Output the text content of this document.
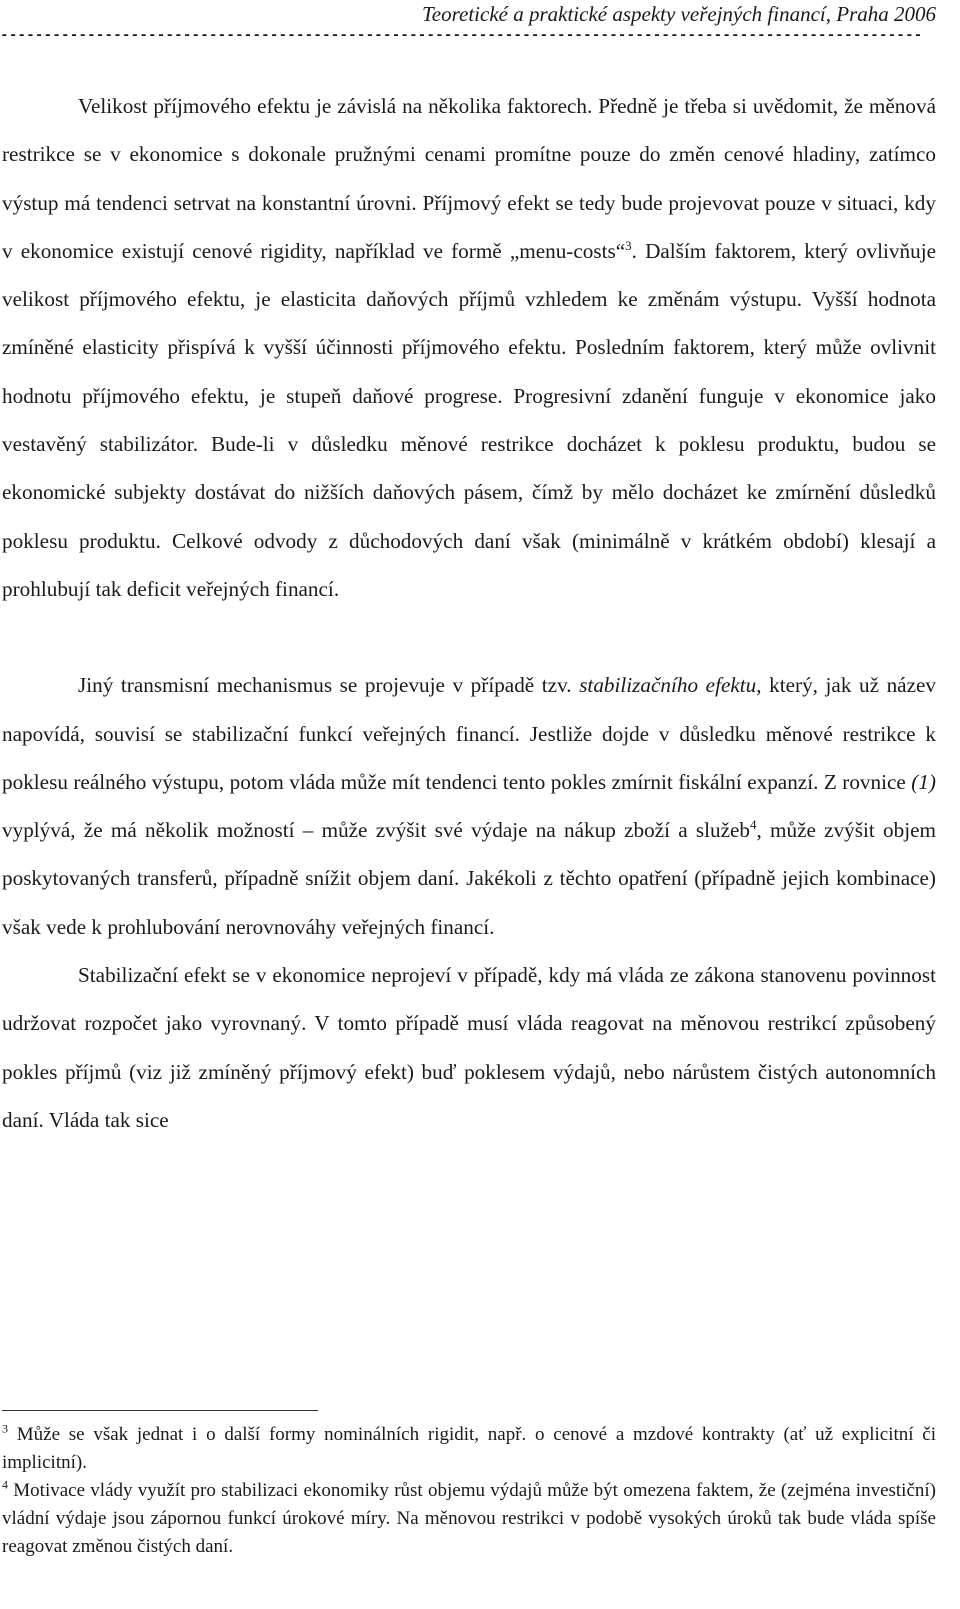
Teoretické a praktické aspekty veřejných financí, Praha 2006
----------------------------------------------------------------------------------------------------------

Velikost příjmového efektu je závislá na několika faktorech. Předně je třeba si uvědomit, že měnová restrikce se v ekonomice s dokonale pružnými cenami promítne pouze do změn cenové hladiny, zatímco výstup má tendenci setrvat na konstantní úrovni. Příjmový efekt se tedy bude projevovat pouze v situaci, kdy v ekonomice existují cenové rigidity, například ve formě „menu-costs“$^3$. Dalším faktorem, který ovlivňuje velikost příjmového efektu, je elasticita daňových příjmů vzhledem ke změnám výstupu. Vyšší hodnota zmíněné elasticity přispívá k vyšší účinnosti příjmového efektu. Posledním faktorem, který může ovlivnit hodnotu příjmového efektu, je stupeň daňové progrese. Progresivní zdanění funguje v ekonomice jako vestavěný stabilizátor. Bude-li v důsledku měnové restrikce docházet k poklesu produktu, budou se ekonomické subjekty dostávat do nižších daňových pásem, čímž by mělo docházet ke zmírnění důsledků poklesu produktu. Celkové odvody z důchodových daní však (minimálně v krátkém období) klesají a prohlubují tak deficit veřejných financí.

Jiný transmisní mechanismus se projevuje v případě tzv. stabilizačního efektu, který, jak už název napovídá, souvisí se stabilizační funkcí veřejných financí. Jestliže dojde v důsledku měnové restrikce k poklesu reálného výstupu, potom vláda může mít tendenci tento pokles zmírnit fiskální expanzí. Z rovnice (1) vyplývá, že má několik možností – může zvýšit své výdaje na nákup zboží a služeb$^4$, může zvýšit objem poskytovaných transferů, případně snížit objem daní. Jakékoli z těchto opatření (případně jejich kombinace) však vede k prohlubování nerovnováhy veřejných financí.

Stabilizační efekt se v ekonomice neprojeví v případě, kdy má vláda ze zákona stanovenu povinnost udržovat rozpočet jako vyrovnaný. V tomto případě musí vláda reagovat na měnovou restrikcí způsobený pokles příjmů (viz již zmíněný příjmový efekt) buď poklesem výdajů, nebo nárůstem čistých autonomních daní. Vláda tak sice

$^3$ Může se však jednat i o další formy nominálních rigidit, např. o cenové a mzdové kontrakty (ať už explicitní či implicitní).

$^4$ Motivace vlády využít pro stabilizaci ekonomiky růst objemu výdajů může být omezena faktem, že (zejména investiční) vládní výdaje jsou zápornou funkcí úrokové míry. Na měnovou restrikci v podobě vysokých úroků tak bude vláda spíše reagovat změnou čistých daní.
